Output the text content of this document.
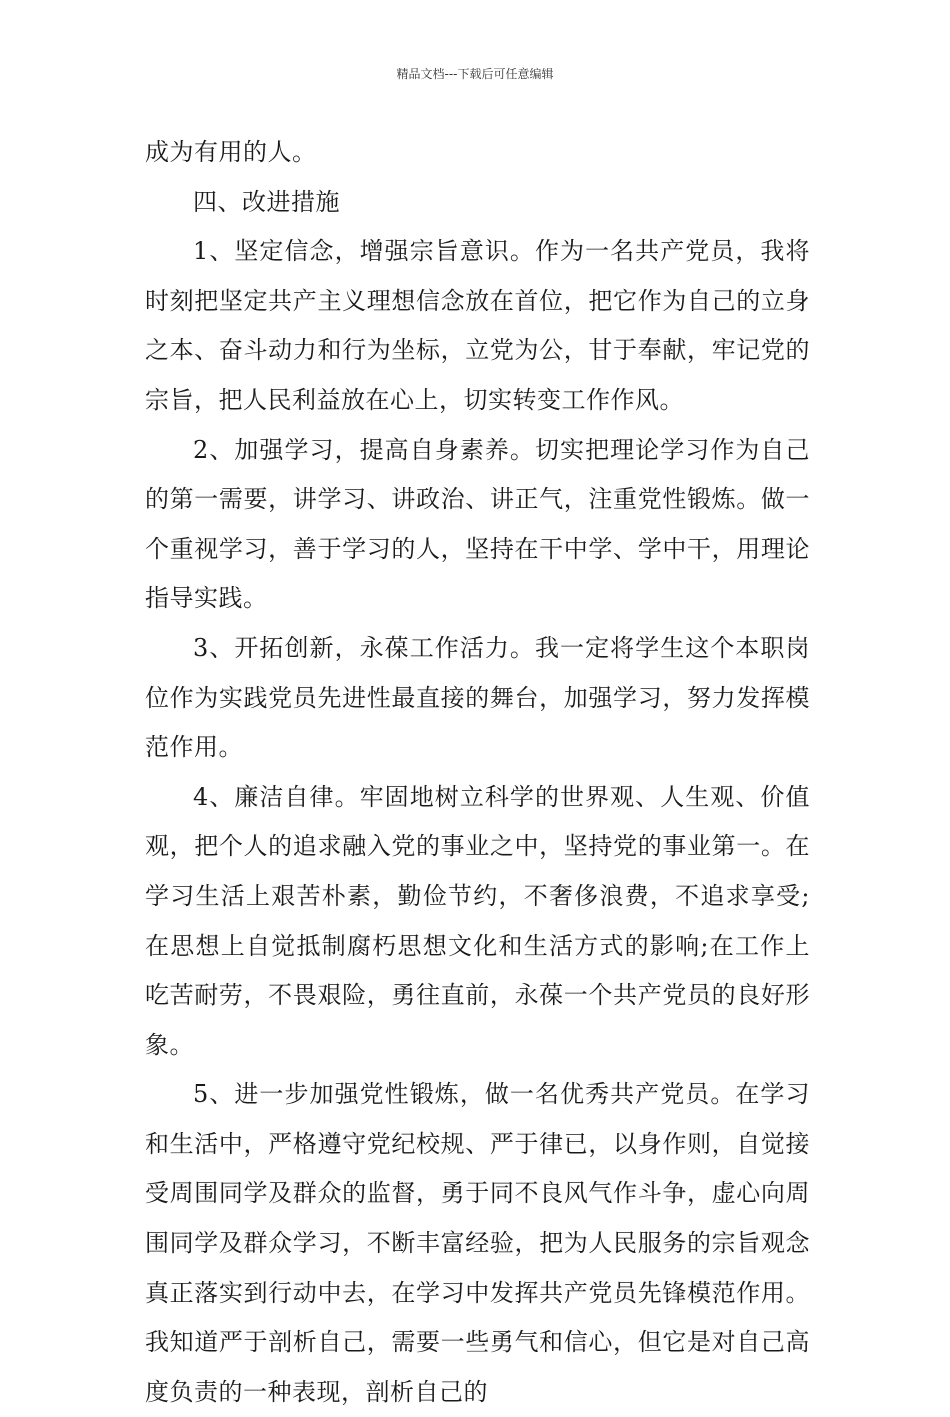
精品文档---下载后可任意编辑

成为有用的人。

四、改进措施

1、坚定信念，增强宗旨意识。作为一名共产党员，我将时刻把坚定共产主义理想信念放在首位，把它作为自己的立身之本、奋斗动力和行为坐标，立党为公，甘于奉献，牢记党的宗旨，把人民利益放在心上，切实转变工作作风。

2、加强学习，提高自身素养。切实把理论学习作为自己的第一需要，讲学习、讲政治、讲正气，注重党性锻炼。做一个重视学习，善于学习的人，坚持在干中学、学中干，用理论指导实践。

3、开拓创新，永葆工作活力。我一定将学生这个本职岗位作为实践党员先进性最直接的舞台，加强学习，努力发挥模范作用。

4、廉洁自律。牢固地树立科学的世界观、人生观、价值观，把个人的追求融入党的事业之中，坚持党的事业第一。在学习生活上艰苦朴素，勤俭节约，不奢侈浪费，不追求享受;在思想上自觉抵制腐朽思想文化和生活方式的影响;在工作上吃苦耐劳，不畏艰险，勇往直前，永葆一个共产党员的良好形象。

5、进一步加强党性锻炼，做一名优秀共产党员。在学习和生活中，严格遵守党纪校规、严于律已，以身作则，自觉接受周围同学及群众的监督，勇于同不良风气作斗争，虚心向周围同学及群众学习，不断丰富经验，把为人民服务的宗旨观念真正落实到行动中去，在学习中发挥共产党员先锋模范作用。我知道严于剖析自己，需要一些勇气和信心，但它是对自己高度负责的一种表现，剖析自己的
